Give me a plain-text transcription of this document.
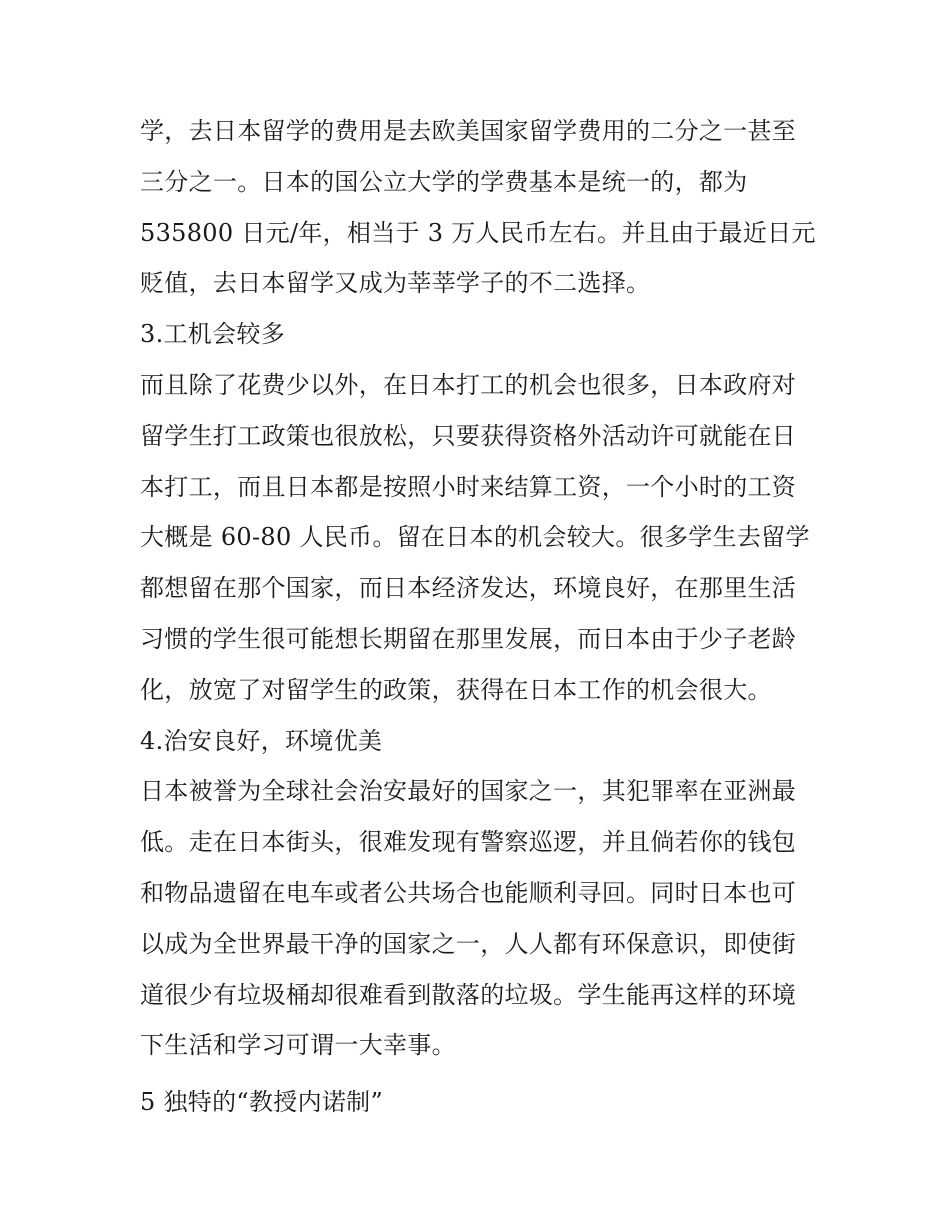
学，去日本留学的费用是去欧美国家留学费用的二分之一甚至
三分之一。日本的国公立大学的学费基本是统一的，都为
535800 日元/年，相当于 3 万人民币左右。并且由于最近日元
贬值，去日本留学又成为莘莘学子的不二选择。
3.工机会较多
而且除了花费少以外，在日本打工的机会也很多，日本政府对
留学生打工政策也很放松，只要获得资格外活动许可就能在日
本打工，而且日本都是按照小时来结算工资，一个小时的工资
大概是 60-80 人民币。留在日本的机会较大。很多学生去留学
都想留在那个国家，而日本经济发达，环境良好，在那里生活
习惯的学生很可能想长期留在那里发展，而日本由于少子老龄
化，放宽了对留学生的政策，获得在日本工作的机会很大。
4.治安良好，环境优美
日本被誉为全球社会治安最好的国家之一，其犯罪率在亚洲最
低。走在日本街头，很难发现有警察巡逻，并且倘若你的钱包
和物品遗留在电车或者公共场合也能顺利寻回。同时日本也可
以成为全世界最干净的国家之一，人人都有环保意识，即使街
道很少有垃圾桶却很难看到散落的垃圾。学生能再这样的环境
下生活和学习可谓一大幸事。
5 独特的“教授内诺制”
